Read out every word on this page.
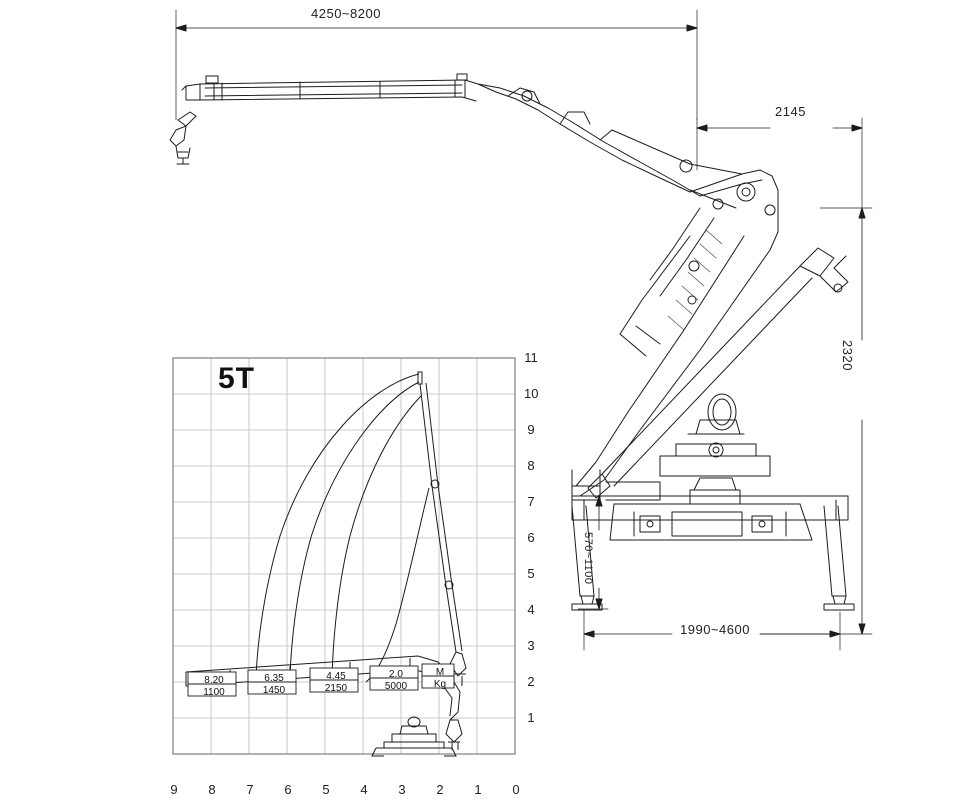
4250~8200
2145
2320
1990~4600
570~1100
5T
11
10
9
8
7
6
5
4
3
2
1
9 8 7 6 5 4 3 2 1 0
8.20
1100
6.35
1450
4.45
2150
2.0
5000
M
Kg
